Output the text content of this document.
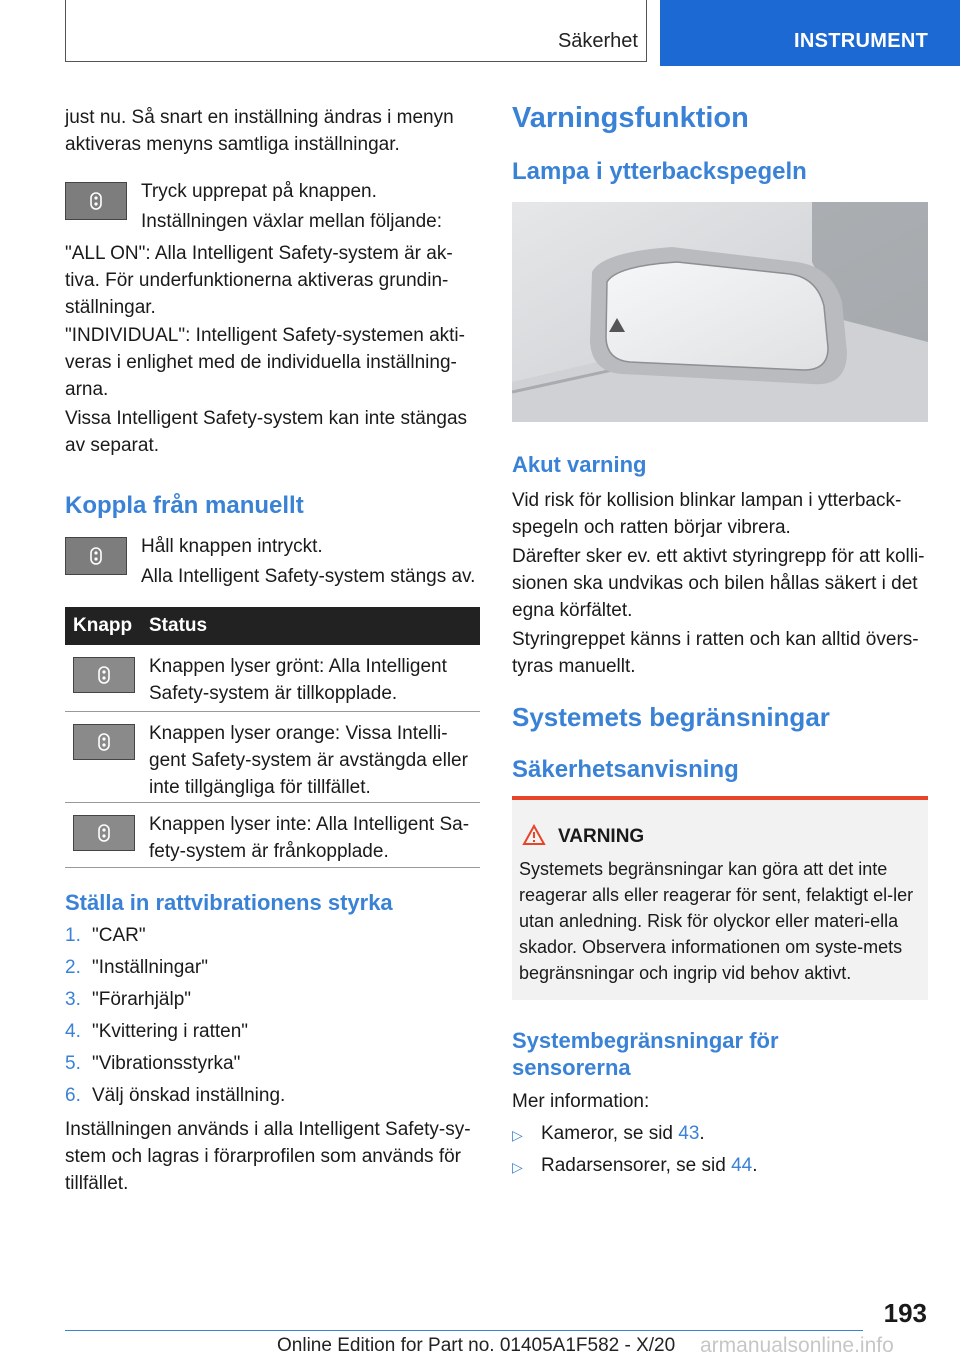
Säkerhet	INSTRUMENT

just nu. Så snart en inställning ändras i menyn aktiveras menyns samtliga inställningar.

Tryck upprepat på knappen.

Inställningen växlar mellan följande:

"ALL ON": Alla Intelligent Safety-system är ak-tiva. För underfunktionerna aktiveras grundin-ställningar.

"INDIVIDUAL": Intelligent Safety-systemen akti-veras i enlighet med de individuella inställning-arna.

Vissa Intelligent Safety-system kan inte stängas av separat.

Koppla från manuellt

Håll knappen intryckt.

Alla Intelligent Safety-system stängs av.

Knapp Status

Knappen lyser grönt: Alla Intelligent Safety-system är tillkopplade.

Knappen lyser orange: Vissa Intelli-gent Safety-system är avstängda eller inte tillgängliga för tillfället.

Knappen lyser inte: Alla Intelligent Sa-fety-system är frånkopplade.

Ställa in rattvibrationens styrka
1. "CAR"
2. "Inställningar"
3. "Förarhjälp"
4. "Kvittering i ratten"
5. "Vibrationsstyrka"
6. Välj önskad inställning.

Inställningen används i alla Intelligent Safety-sy-stem och lagras i förarprofilen som används för tillfället.

Varningsfunktion
Lampa i ytterbackspegeln
Akut varning

Vid risk för kollision blinkar lampan i ytterback-spegeln och ratten börjar vibrera.

Därefter sker ev. ett aktivt styringrepp för att kolli-sionen ska undvikas och bilen hållas säkert i det egna körfältet.

Styringreppet känns i ratten och kan alltid övers-tyras manuellt.

Systemets begränsningar
Säkerhetsanvisning
VARNING

Systemets begränsningar kan göra att det inte reagerar alls eller reagerar för sent, felaktigt el-ler utan anledning. Risk för olyckor eller materi-ella skador. Observera informationen om syste-mets begränsningar och ingrip vid behov aktivt.

Systembegränsningar för sensorerna

Mer information:

▷ Kameror, se sid 43.
▷ Radarsensorer, se sid 44.
193
Online Edition for Part no. 01405A1F582 - X/20 armanualsonline.info
